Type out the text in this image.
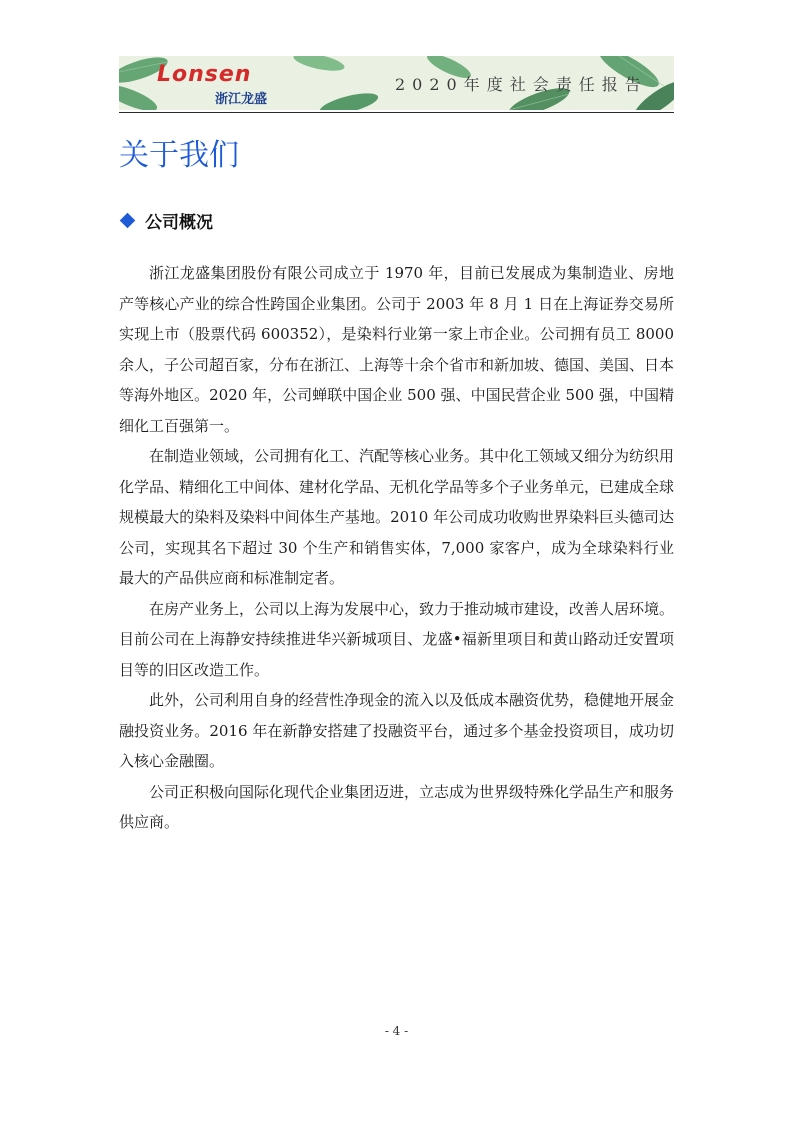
Lonsen
浙江龙盛
2020年度社会责任报告
关于我们
公司概况

浙江龙盛集团股份有限公司成立于 1970 年，目前已发展成为集制造业、房地产等核心产业的综合性跨国企业集团。公司于 2003 年 8 月 1 日在上海证券交易所实现上市（股票代码 600352），是染料行业第一家上市企业。公司拥有员工 8000 余人，子公司超百家，分布在浙江、上海等十余个省市和新加坡、德国、美国、日本等海外地区。2020 年，公司蝉联中国企业 500 强、中国民营企业 500 强，中国精细化工百强第一。

在制造业领域，公司拥有化工、汽配等核心业务。其中化工领域又细分为纺织用化学品、精细化工中间体、建材化学品、无机化学品等多个子业务单元，已建成全球规模最大的染料及染料中间体生产基地。2010 年公司成功收购世界染料巨头德司达公司，实现其名下超过 30 个生产和销售实体，7,000 家客户，成为全球染料行业最大的产品供应商和标准制定者。

在房产业务上，公司以上海为发展中心，致力于推动城市建设，改善人居环境。目前公司在上海静安持续推进华兴新城项目、龙盛•福新里项目和黄山路动迁安置项目等的旧区改造工作。

此外，公司利用自身的经营性净现金的流入以及低成本融资优势，稳健地开展金融投资业务。2016 年在新静安搭建了投融资平台，通过多个基金投资项目，成功切入核心金融圈。

公司正积极向国际化现代企业集团迈进，立志成为世界级特殊化学品生产和服务供应商。

- 4 -
